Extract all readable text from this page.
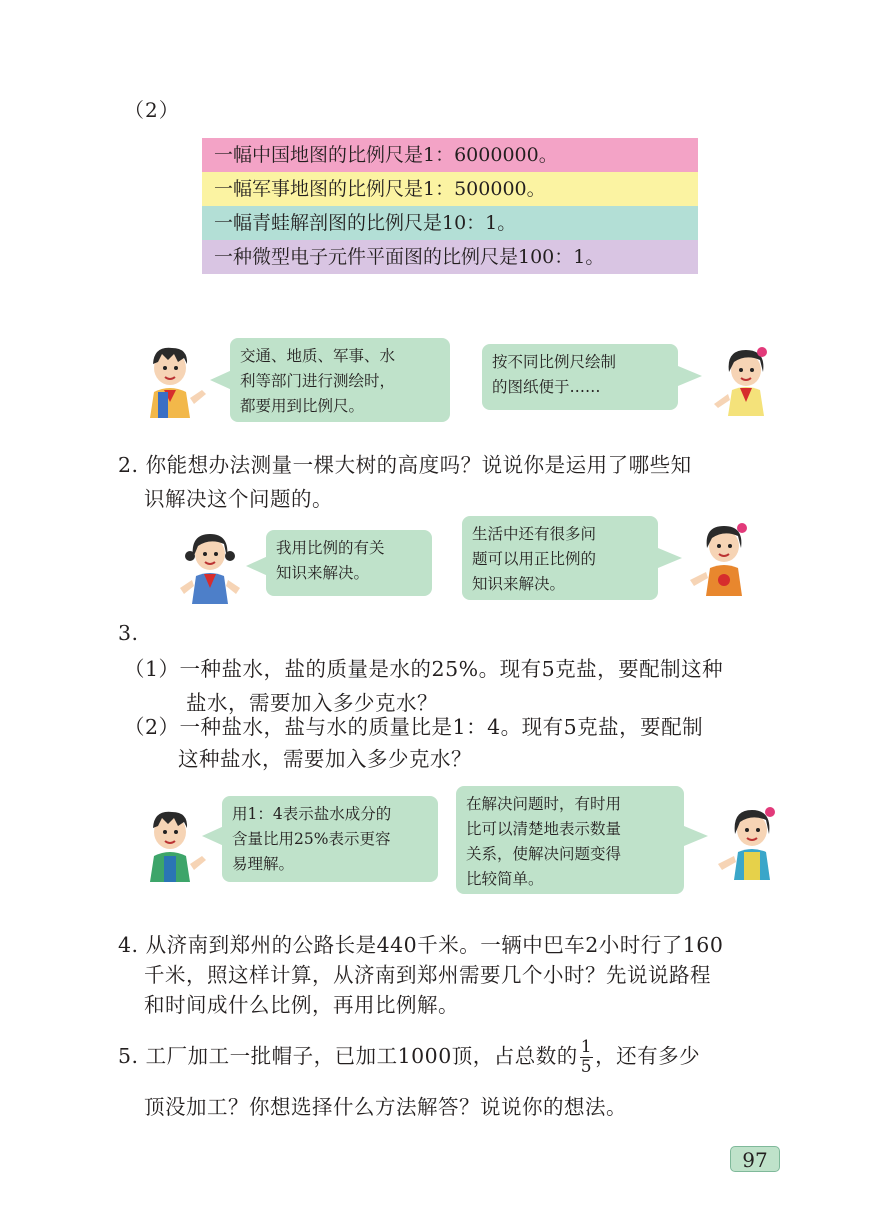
（2）
一幅中国地图的比例尺是1：6000000。
一幅军事地图的比例尺是1：500000。
一幅青蛙解剖图的比例尺是10：1。
一种微型电子元件平面图的比例尺是100：1。
交通、地质、军事、水
利等部门进行测绘时，
都要用到比例尺。
按不同比例尺绘制
的图纸便于……
2. 你能想办法测量一棵大树的高度吗？说说你是运用了哪些知
识解决这个问题的。
我用比例的有关
知识来解决。
生活中还有很多问
题可以用正比例的
知识来解决。
3.
（1）一种盐水，盐的质量是水的25%。现有5克盐，要配制这种
盐水，需要加入多少克水？
（2）一种盐水，盐与水的质量比是1：4。现有5克盐，要配制
这种盐水，需要加入多少克水？
用1：4表示盐水成分的
含量比用25%表示更容
易理解。
在解决问题时，有时用
比可以清楚地表示数量
关系，使解决问题变得
比较简单。
4. 从济南到郑州的公路长是440千米。一辆中巴车2小时行了160
千米，照这样计算，从济南到郑州需要几个小时？先说说路程
和时间成什么比例，再用比例解。
5. 工厂加工一批帽子，已加工1000顶，占总数的 $\frac{1}{5}$ ，还有多少
顶没加工？你想选择什么方法解答？说说你的想法。
97
